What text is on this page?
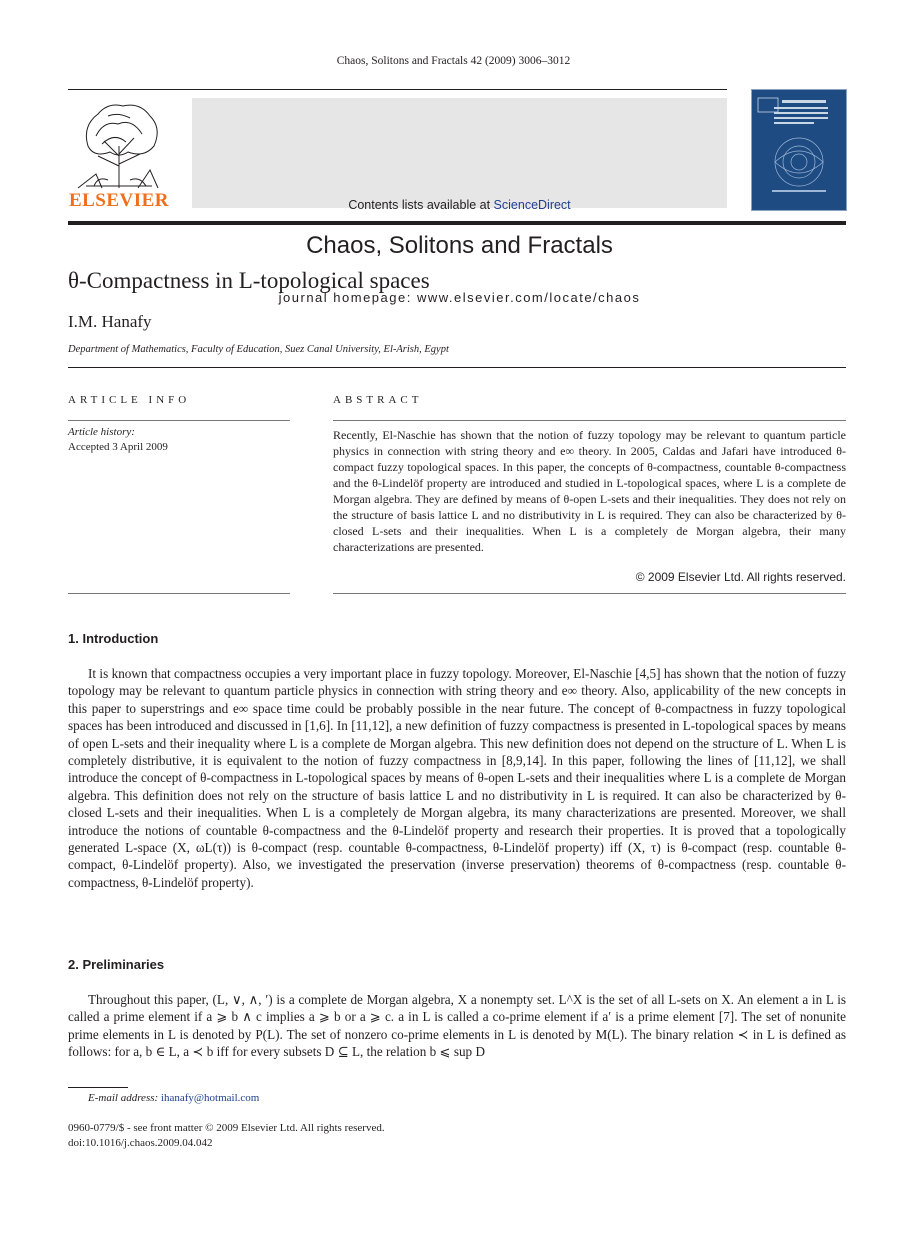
Chaos, Solitons and Fractals 42 (2009) 3006–3012
ELSEVIER	Contents lists available at ScienceDirect
Chaos, Solitons and Fractals
journal homepage: www.elsevier.com/locate/chaos
θ-Compactness in L-topological spaces
I.M. Hanafy
Department of Mathematics, Faculty of Education, Suez Canal University, El-Arish, Egypt
ARTICLE INFO
Article history:
Accepted 3 April 2009
ABSTRACT
Recently, El-Naschie has shown that the notion of fuzzy topology may be relevant to quantum particle physics in connection with string theory and e∞ theory. In 2005, Caldas and Jafari have introduced θ-compact fuzzy topological spaces. In this paper, the concepts of θ-compactness, countable θ-compactness and the θ-Lindelöf property are introduced and studied in L-topological spaces, where L is a complete de Morgan algebra. They are defined by means of θ-open L-sets and their inequalities. They does not rely on the structure of basis lattice L and no distributivity in L is required. They can also be characterized by θ-closed L-sets and their inequalities. When L is a completely de Morgan algebra, their many characterizations are presented.
© 2009 Elsevier Ltd. All rights reserved.
1. Introduction

It is known that compactness occupies a very important place in fuzzy topology. Moreover, El-Naschie [4,5] has shown that the notion of fuzzy topology may be relevant to quantum particle physics in connection with string theory and e∞ theory. Also, applicability of the new concepts in this paper to superstrings and e∞ space time could be probably possible in the near future. The concept of θ-compactness in fuzzy topological spaces has been introduced and discussed in [1,6]. In [11,12], a new definition of fuzzy compactness is presented in L-topological spaces by means of open L-sets and their inequality where L is a complete de Morgan algebra. This new definition does not depend on the structure of L. When L is completely distributive, it is equivalent to the notion of fuzzy compactness in [8,9,14]. In this paper, following the lines of [11,12], we shall introduce the concept of θ-compactness in L-topological spaces by means of θ-open L-sets and their inequalities where L is a complete de Morgan algebra. This definition does not rely on the structure of basis lattice L and no distributivity in L is required. It can also be characterized by θ-closed L-sets and their inequalities. When L is a completely de Morgan algebra, its many characterizations are presented. Moreover, we shall introduce the notions of countable θ-compactness and the θ-Lindelöf property and research their properties. It is proved that a topologically generated L-space (X, ωL(τ)) is θ-compact (resp. countable θ-compactness, θ-Lindelöf property) iff (X, τ) is θ-compact (resp. countable θ-compact, θ-Lindelöf property). Also, we investigated the preservation (inverse preservation) theorems of θ-compactness (resp. countable θ-compactness, θ-Lindelöf property).

2. Preliminaries

Throughout this paper, (L, ∨, ∧, ′) is a complete de Morgan algebra, X a nonempty set. L^X is the set of all L-sets on X. An element a in L is called a prime element if a ⩾ b ∧ c implies a ⩾ b or a ⩾ c. a in L is called a co-prime element if a′ is a prime element [7]. The set of nonunite prime elements in L is denoted by P(L). The set of nonzero co-prime elements in L is denoted by M(L). The binary relation ≺ in L is defined as follows: for a, b ∈ L, a ≺ b iff for every subsets D ⊆ L, the relation b ⩽ sup D

E-mail address: ihanafy@hotmail.com
0960-0779/$ - see front matter © 2009 Elsevier Ltd. All rights reserved.
doi:10.1016/j.chaos.2009.04.042
